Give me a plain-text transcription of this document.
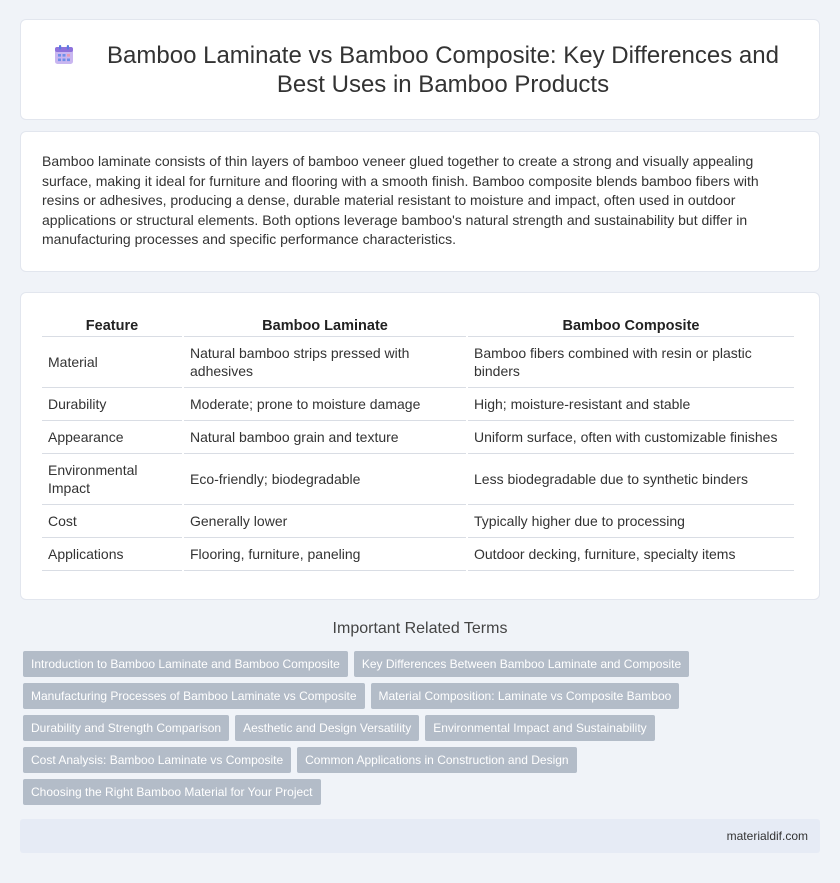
Bamboo Laminate vs Bamboo Composite: Key Differences and Best Uses in Bamboo Products

Bamboo laminate consists of thin layers of bamboo veneer glued together to create a strong and visually appealing surface, making it ideal for furniture and flooring with a smooth finish. Bamboo composite blends bamboo fibers with resins or adhesives, producing a dense, durable material resistant to moisture and impact, often used in outdoor applications or structural elements. Both options leverage bamboo's natural strength and sustainability but differ in manufacturing processes and specific performance characteristics.

Feature	Bamboo Laminate	Bamboo Composite
Material	Natural bamboo strips pressed with adhesives	Bamboo fibers combined with resin or plastic binders
Durability	Moderate; prone to moisture damage	High; moisture-resistant and stable
Appearance	Natural bamboo grain and texture	Uniform surface, often with customizable finishes
Environmental Impact	Eco-friendly; biodegradable	Less biodegradable due to synthetic binders
Cost	Generally lower	Typically higher due to processing
Applications	Flooring, furniture, paneling	Outdoor decking, furniture, specialty items
Important Related Terms
Introduction to Bamboo Laminate and Bamboo Composite	Key Differences Between Bamboo Laminate and Composite
Manufacturing Processes of Bamboo Laminate vs Composite	Material Composition: Laminate vs Composite Bamboo
Durability and Strength Comparison	Aesthetic and Design Versatility	Environmental Impact and Sustainability
Cost Analysis: Bamboo Laminate vs Composite	Common Applications in Construction and Design
Choosing the Right Bamboo Material for Your Project
materialdif.com
